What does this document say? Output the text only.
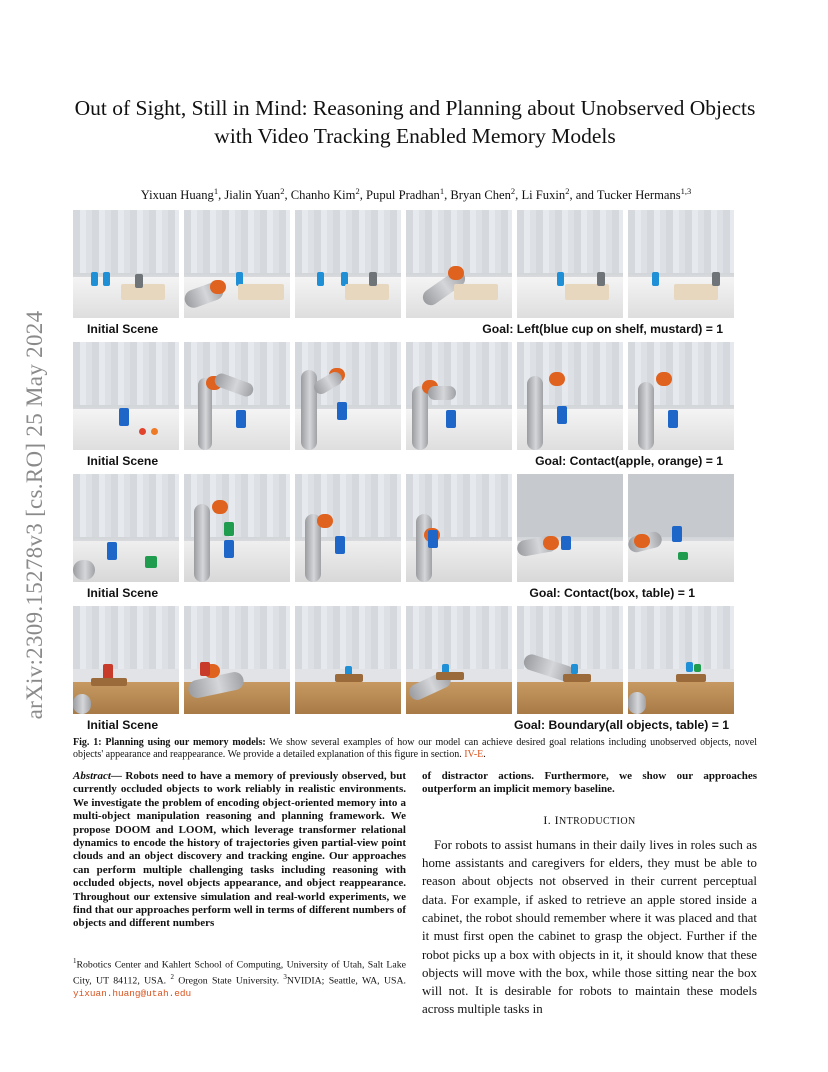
arXiv:2309.15278v3 [cs.RO] 25 May 2024
Out of Sight, Still in Mind: Reasoning and Planning about Unobserved Objects with Video Tracking Enabled Memory Models
Yixuan Huang$^1$, Jialin Yuan$^2$, Chanho Kim$^2$, Pupul Pradhan$^1$, Bryan Chen$^2$, Li Fuxin$^2$, and Tucker Hermans$^{1,3}$
Initial Scene	Goal: Left(blue cup on shelf, mustard) = 1
Initial Scene	Goal: Contact(apple, orange) = 1
Initial Scene	Goal: Contact(box, table) = 1
Initial Scene	Goal: Boundary(all objects, table) = 1
Fig. 1: Planning using our memory models: We show several examples of how our model can achieve desired goal relations including unobserved objects, novel objects' appearance and reappearance. We provide a detailed explanation of this figure in section. IV-E.

Abstract— Robots need to have a memory of previously observed, but currently occluded objects to work reliably in realistic environments. We investigate the problem of encoding object-oriented memory into a multi-object manipulation reasoning and planning framework. We propose DOOM and LOOM, which leverage transformer relational dynamics to encode the history of trajectories given partial-view point clouds and an object discovery and tracking engine. Our approaches can perform multiple challenging tasks including reasoning with occluded objects, novel objects appearance, and object reappearance. Throughout our extensive simulation and real-world experiments, we find that our approaches perform well in terms of different numbers of objects and different numbers

$^1$Robotics Center and Kahlert School of Computing, University of Utah, Salt Lake City, UT 84112, USA. $^2$ Oregon State University. $^3$NVIDIA; Seattle, WA, USA. yixuan.huang@utah.edu

of distractor actions. Furthermore, we show our approaches outperform an implicit memory baseline.

I. INTRODUCTION

For robots to assist humans in their daily lives in roles such as home assistants and caregivers for elders, they must be able to reason about objects not observed in their current perceptual data. For example, if asked to retrieve an apple stored inside a cabinet, the robot should remember where it was placed and that it must first open the cabinet to grasp the object. Further if the robot picks up a box with objects in it, it should know that these objects will move with the box, while those sitting near the box will not. It is desirable for robots to maintain these models across multiple tasks in
